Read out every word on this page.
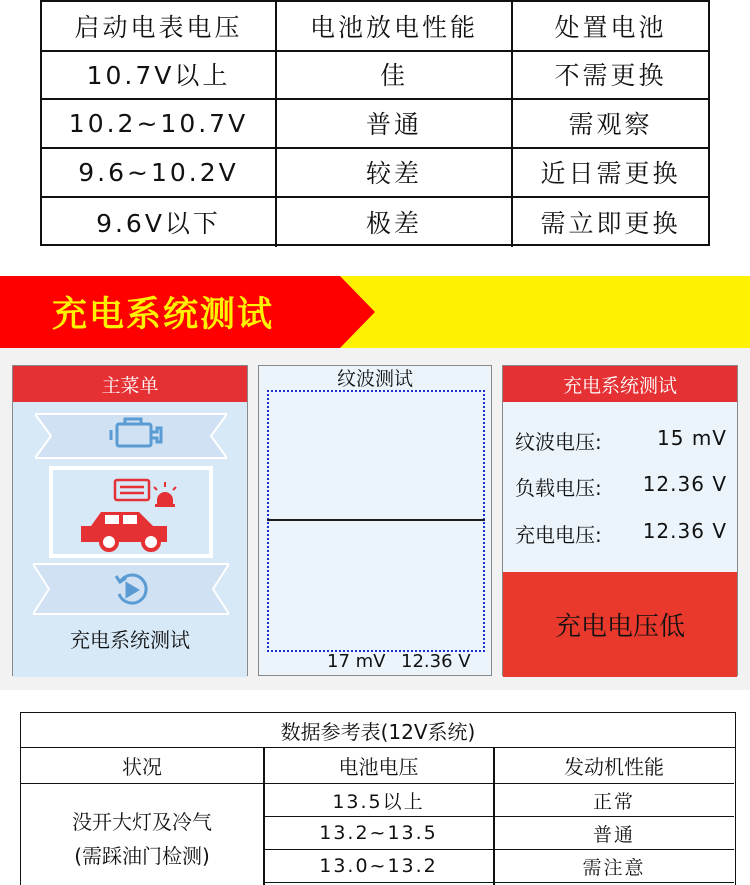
启动电表电压	电池放电性能	处置电池
10.7V以上	佳	不需更换
10.2~10.7V	普通	需观察
9.6~10.2V	较差	近日需更换
9.6V以下	极差	需立即更换
充电系统测试
主菜单
充电系统测试
纹波测试
17 mV 12.36 V
充电系统测试
纹波电压:	15 mV
负载电压: 12.36 V
充电电压: 12.36 V
充电电压低
数据参考表(12V系统)
状况	电池电压	发动机性能
没开大灯及冷气
(需踩油门检测)
13.5以上	正常
13.2~13.5	普通
13.0~13.2	需注意
